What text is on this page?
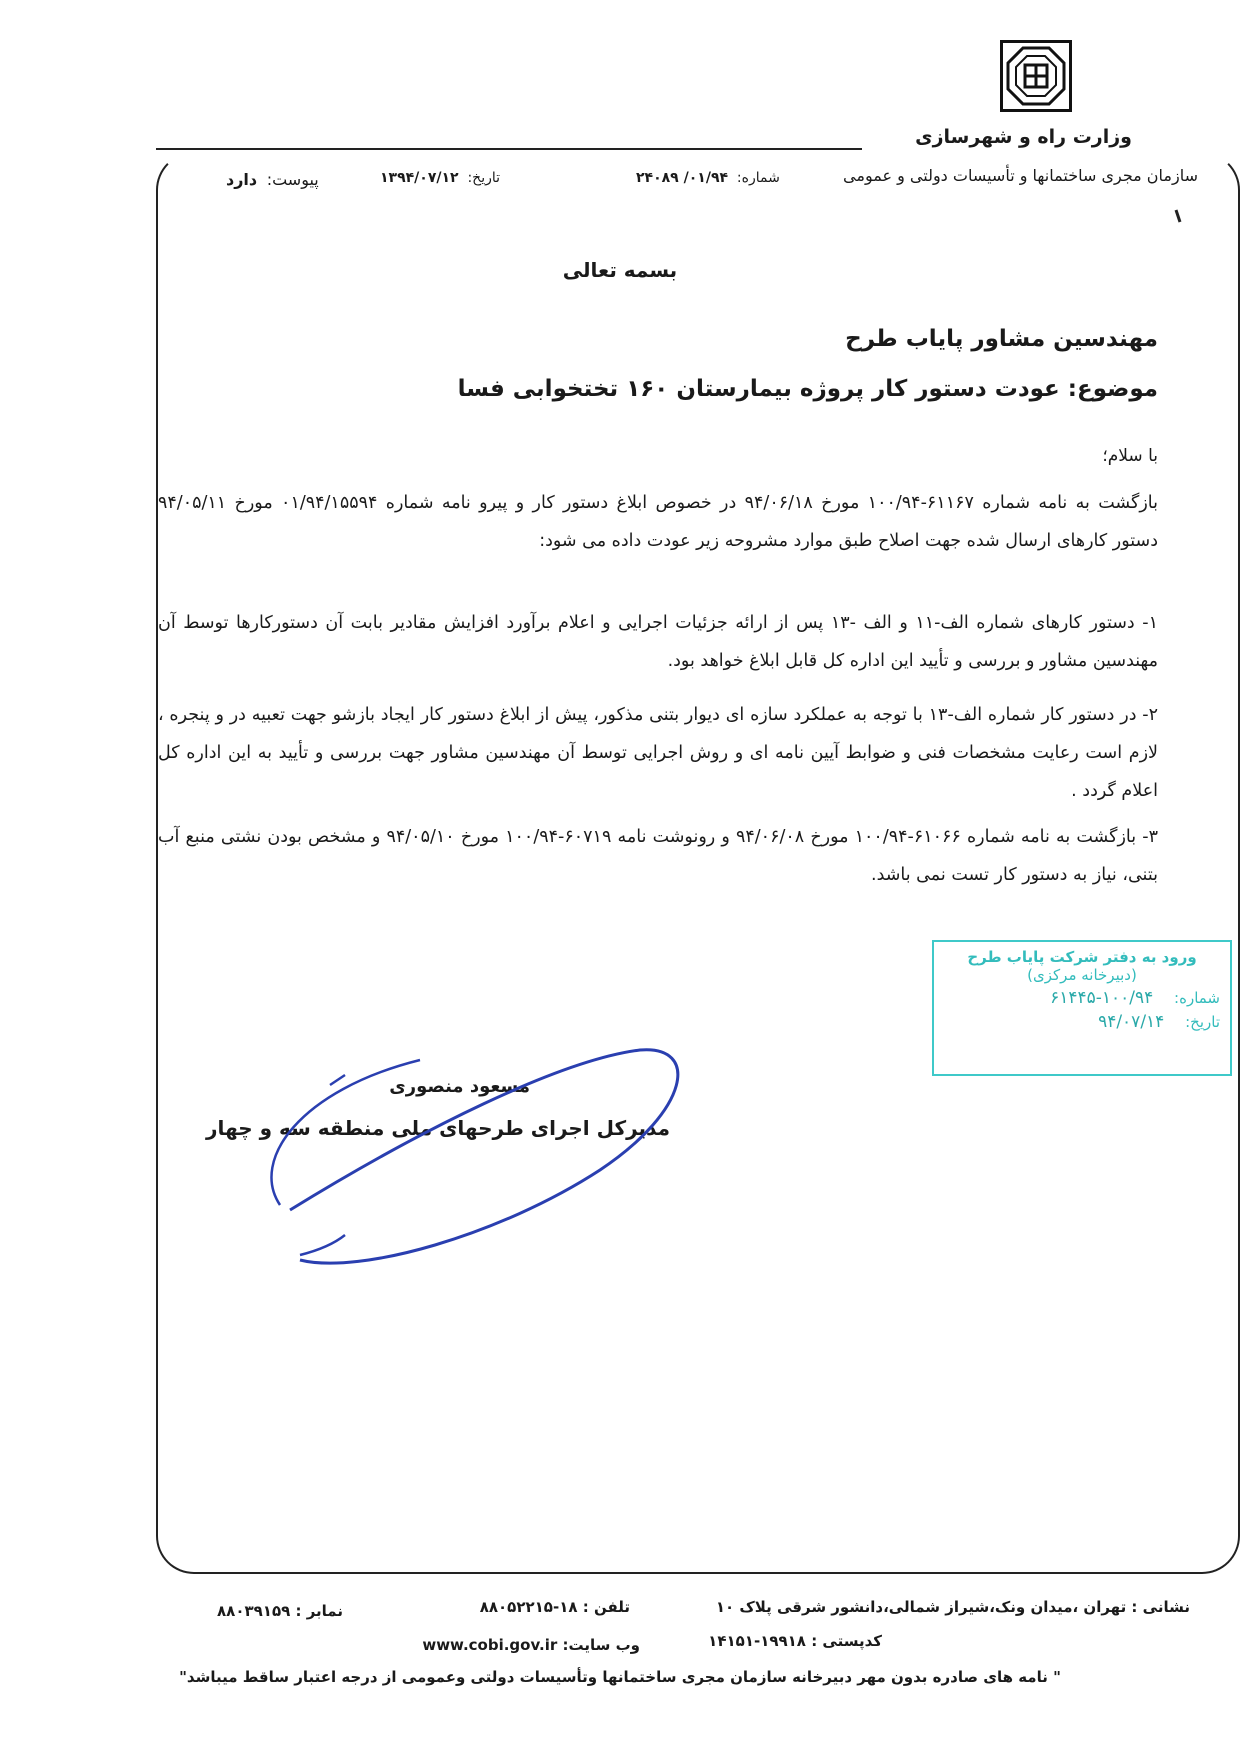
وزارت راه و شهرسازی
سازمان مجری ساختمانها و تأسیسات دولتی و عمومی
شماره: ۰۱/۹۴/ ۲۴۰۸۹
تاریخ: ۱۳۹۴/۰۷/۱۲
پیوست: دارد
بسمه تعالی
مهندسین مشاور پایاب طرح
موضوع: عودت دستور کار پروژه بیمارستان ۱۶۰ تختخوابی فسا
با سلام؛
بازگشت به نامه شماره ۶۱۱۶۷-۱۰۰/۹۴ مورخ ۹۴/۰۶/۱۸ در خصوص ابلاغ دستور کار و پیرو نامه شماره ۰۱/۹۴/۱۵۵۹۴ مورخ ۹۴/۰۵/۱۱ دستور کارهای ارسال شده جهت اصلاح طبق موارد مشروحه زیر عودت داده می شود:
۱- دستور کارهای شماره الف-۱۱ و الف -۱۳ پس از ارائه جزئیات اجرایی و اعلام برآورد افزایش مقادیر بابت آن دستورکارها توسط آن مهندسین مشاور و بررسی و تأیید این اداره کل قابل ابلاغ خواهد بود.
۲- در دستور کار شماره الف-۱۳ با توجه به عملکرد سازه ای دیوار بتنی مذکور، پیش از ابلاغ دستور کار ایجاد بازشو جهت تعبیه در و پنجره ، لازم است رعایت مشخصات فنی و ضوابط آیین نامه ای و روش اجرایی توسط آن مهندسین مشاور جهت بررسی و تأیید به این اداره کل اعلام گردد .
۳- بازگشت به نامه شماره ۶۱۰۶۶-۱۰۰/۹۴ مورخ ۹۴/۰۶/۰۸ و رونوشت نامه ۶۰۷۱۹-۱۰۰/۹۴ مورخ ۹۴/۰۵/۱۰ و مشخص بودن نشتی منبع آب بتنی، نیاز به دستور کار تست نمی باشد.
ورود به دفتر شرکت پایاب طرح
(دبیرخانه مرکزی)
شماره: ۱۰۰/۹۴-۶۱۴۴۵
تاریخ: ۹۴/۰۷/۱۴
مسعود منصوری
مدیرکل اجرای طرحهای ملی منطقه سه و چهار
نشانی : تهران ،میدان ونک،شیراز شمالی،دانشور شرقی پلاک ۱۰
تلفن : ۱۸-۸۸۰۵۲۲۱۵
نمابر : ۸۸۰۳۹۱۵۹
کدپستی : ۱۹۹۱۸-۱۴۱۵۱
وب سایت: www.cobi.gov.ir
" نامه های صادره بدون مهر دبیرخانه سازمان مجری ساختمانها وتأسیسات دولتی وعمومی از درجه اعتبار ساقط میباشد"
